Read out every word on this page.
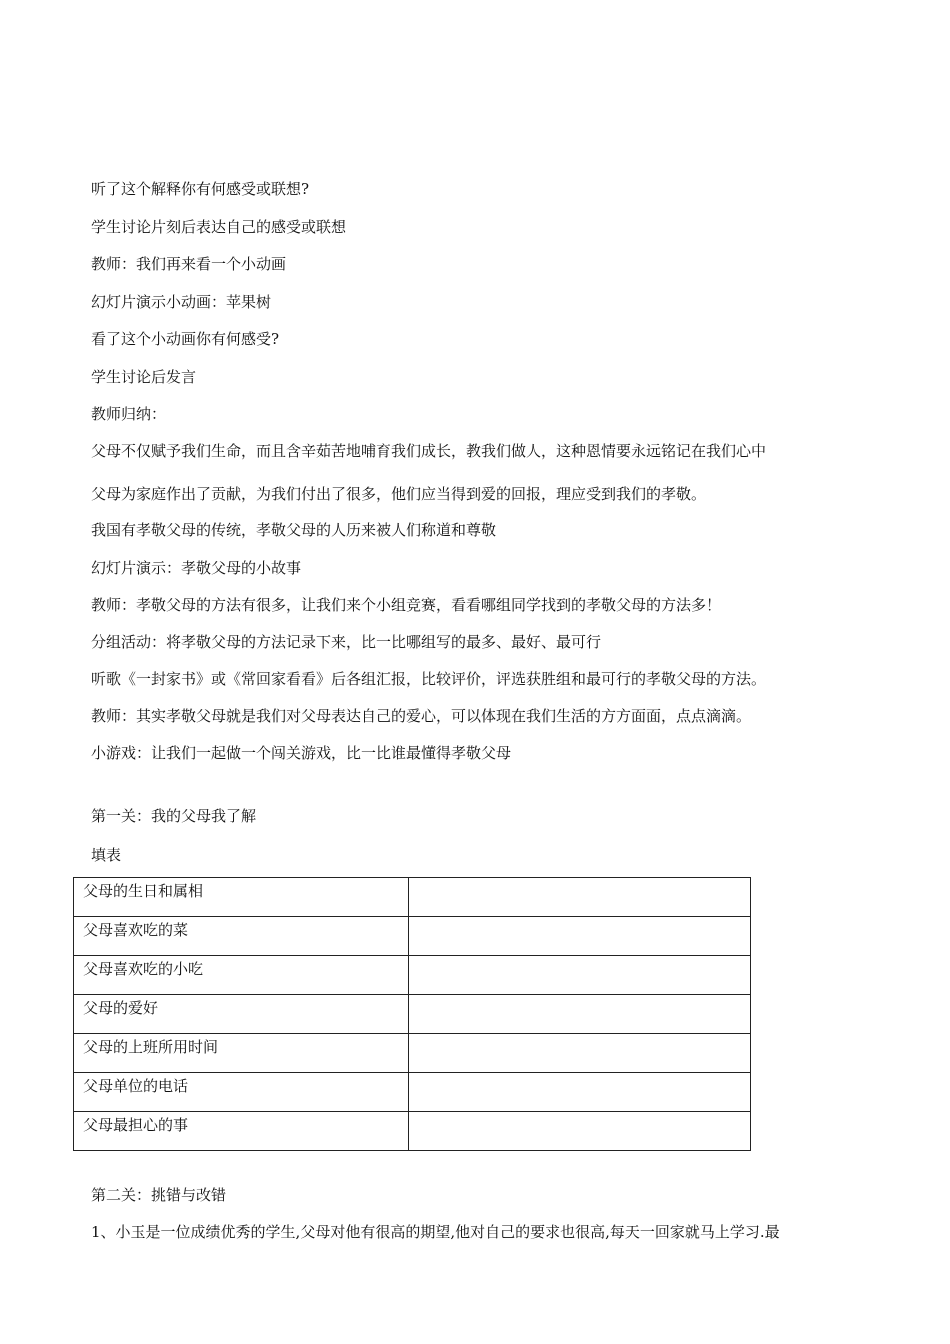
听了这个解释你有何感受或联想?
学生讨论片刻后表达自己的感受或联想
教师：我们再来看一个小动画
幻灯片演示小动画：苹果树
看了这个小动画你有何感受?
学生讨论后发言
教师归纳：
父母不仅赋予我们生命，而且含辛茹苦地哺育我们成长，教我们做人，这种恩情要永远铭记在我们心中
父母为家庭作出了贡献，为我们付出了很多，他们应当得到爱的回报，理应受到我们的孝敬。
我国有孝敬父母的传统，孝敬父母的人历来被人们称道和尊敬
幻灯片演示：孝敬父母的小故事
教师：孝敬父母的方法有很多，让我们来个小组竞赛，看看哪组同学找到的孝敬父母的方法多！
分组活动：将孝敬父母的方法记录下来，比一比哪组写的最多、最好、最可行
听歌《一封家书》或《常回家看看》后各组汇报，比较评价，评选获胜组和最可行的孝敬父母的方法。
教师：其实孝敬父母就是我们对父母表达自己的爱心，可以体现在我们生活的方方面面，点点滴滴。
小游戏：让我们一起做一个闯关游戏，比一比谁最懂得孝敬父母
第一关：我的父母我了解
填表
父母的生日和属相	
父母喜欢吃的菜	
父母喜欢吃的小吃	
父母的爱好	
父母的上班所用时间	
父母单位的电话	
父母最担心的事	
第二关：挑错与改错
1、小玉是一位成绩优秀的学生,父母对他有很高的期望,他对自己的要求也很高,每天一回家就马上学习.最
